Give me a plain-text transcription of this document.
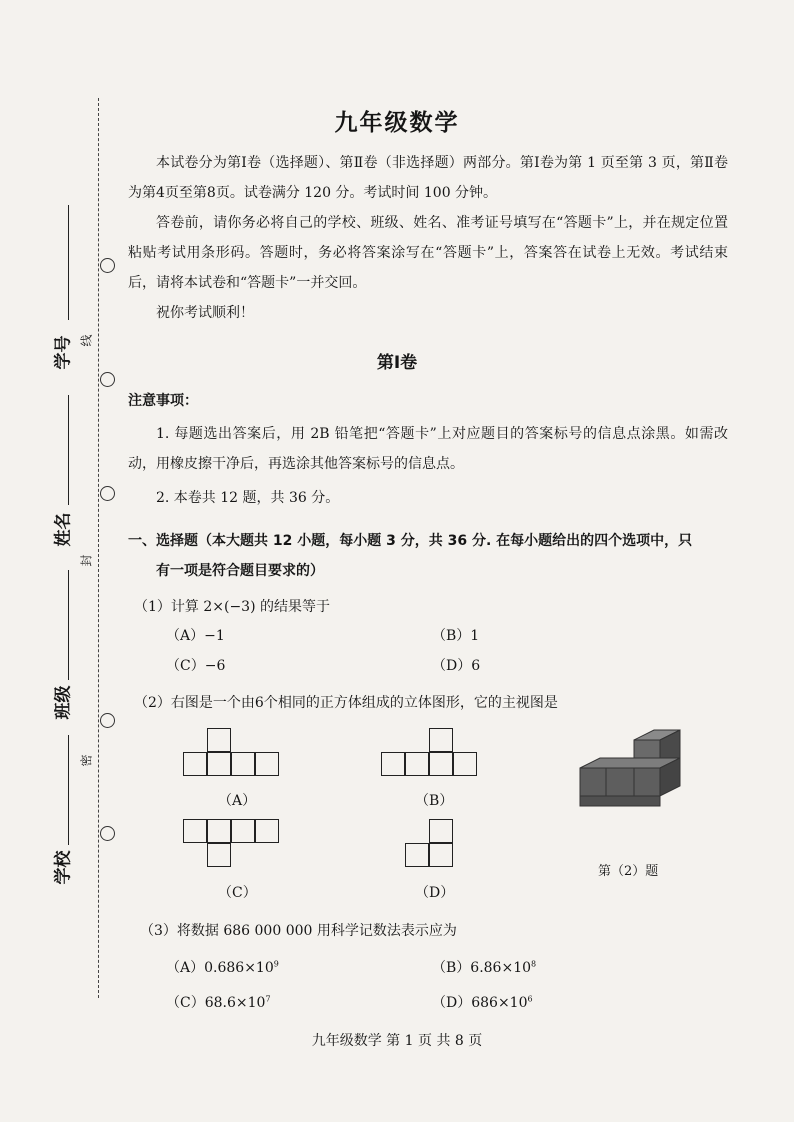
学号
姓名
班级
学校
线
封
密
九年级数学
本试卷分为第Ⅰ卷（选择题）、第Ⅱ卷（非选择题）两部分。第Ⅰ卷为第 1 页至第 3 页，第Ⅱ卷为第4页至第8页。试卷满分 120 分。考试时间 100 分钟。
答卷前，请你务必将自己的学校、班级、姓名、准考证号填写在“答题卡”上，并在规定位置粘贴考试用条形码。答题时，务必将答案涂写在“答题卡”上，答案答在试卷上无效。考试结束后，请将本试卷和“答题卡”一并交回。
祝你考试顺利！
第Ⅰ卷
注意事项：
1. 每题选出答案后，用 2B 铅笔把“答题卡”上对应题目的答案标号的信息点涂黑。如需改动，用橡皮擦干净后，再选涂其他答案标号的信息点。
2. 本卷共 12 题，共 36 分。
一、选择题（本大题共 12 小题，每小题 3 分，共 36 分. 在每小题给出的四个选项中，只
有一项是符合题目要求的）
（1）计算 2×(−3) 的结果等于
（A）−1	（B）1
（C）−6	（D）6
（2）右图是一个由6个相同的正方体组成的立体图形，它的主视图是
（A）	（B）
（C）	（D）
第（2）题
（3）将数据 686 000 000 用科学记数法表示应为
$(A)0.686\times 10^9$	$(B)6.86\times 10^8$
$(C)68.6\times 10^7$	$(D)686\times 10^6$
九年级数学 第 1 页 共 8 页
